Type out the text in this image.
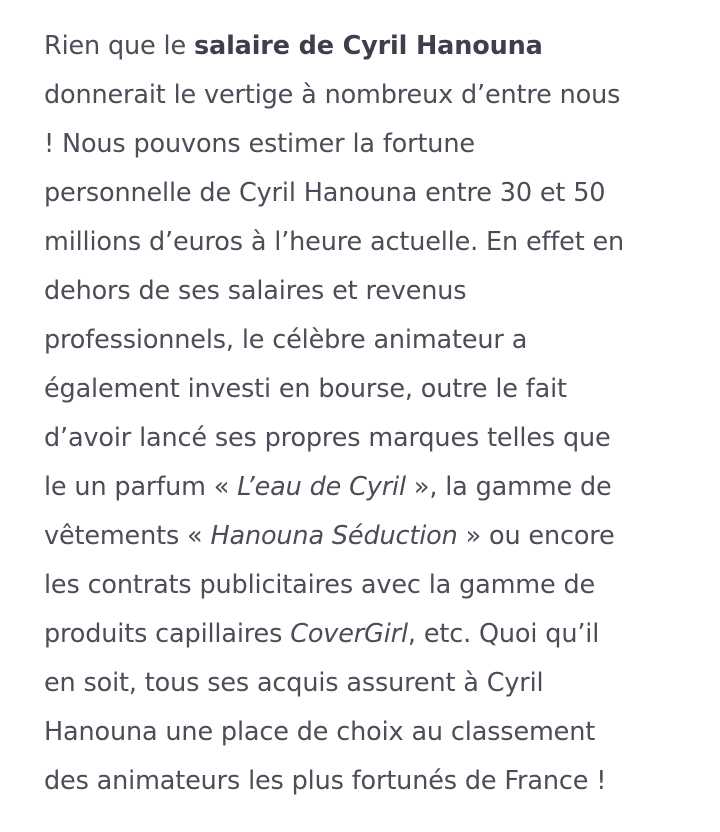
Rien que le salaire de Cyril Hanouna
donnerait le vertige à nombreux d’entre nous
! Nous pouvons estimer la fortune
personnelle de Cyril Hanouna entre 30 et 50
millions d’euros à l’heure actuelle. En effet en
dehors de ses salaires et revenus
professionnels, le célèbre animateur a
également investi en bourse, outre le fait
d’avoir lancé ses propres marques telles que
le un parfum « L’eau de Cyril », la gamme de
vêtements « Hanouna Séduction » ou encore
les contrats publicitaires avec la gamme de
produits capillaires CoverGirl, etc. Quoi qu’il
en soit, tous ses acquis assurent à Cyril
Hanouna une place de choix au classement
des animateurs les plus fortunés de France !
